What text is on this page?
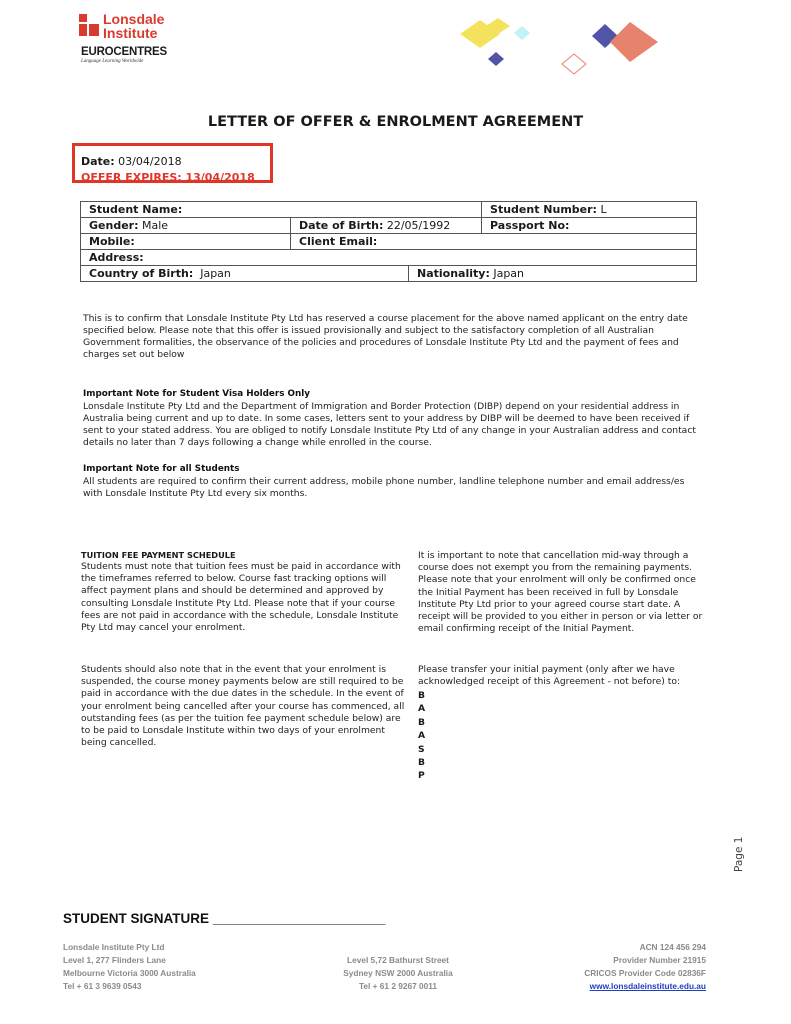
Lonsdale
Institute
EUROCENTRES
Language Learning Worldwide
LETTER OF OFFER & ENROLMENT AGREEMENT
Date: 03/04/2018
OFFER EXPIRES: 13/04/2018
Student Name:			Student Number: L
Gender: Male	Date of Birth: 22/05/1992		Passport No:
Mobile:	Client Email:		
Address:			
Country of Birth: Japan		Nationality: Japan	
This is to confirm that Lonsdale Institute Pty Ltd has reserved a course placement for the above named applicant on the entry date specified below. Please note that this offer is issued provisionally and subject to the satisfactory completion of all Australian Government formalities, the observance of the policies and procedures of Lonsdale Institute Pty Ltd and the payment of fees and charges set out below
Important Note for Student Visa Holders Only
Lonsdale Institute Pty Ltd and the Department of Immigration and Border Protection (DIBP) depend on your residential address in Australia being current and up to date. In some cases, letters sent to your address by DIBP will be deemed to have been received if sent to your stated address. You are obliged to notify Lonsdale Institute Pty Ltd of any change in your Australian address and contact details no later than 7 days following a change while enrolled in the course.
Important Note for all Students
All students are required to confirm their current address, mobile phone number, landline telephone number and email address/es with Lonsdale Institute Pty Ltd every six months.
TUITION FEE PAYMENT SCHEDULE
Students must note that tuition fees must be paid in accordance with the timeframes referred to below. Course fast tracking options will affect payment plans and should be determined and approved by consulting Lonsdale Institute Pty Ltd. Please note that if your course fees are not paid in accordance with the schedule, Lonsdale Institute Pty Ltd may cancel your enrolment.
Students should also note that in the event that your enrolment is suspended, the course money payments below are still required to be paid in accordance with the due dates in the schedule. In the event of your enrolment being cancelled after your course has commenced, all outstanding fees (as per the tuition fee payment schedule below) are to be paid to Lonsdale Institute within two days of your enrolment being cancelled.
It is important to note that cancellation mid-way through a course does not exempt you from the remaining payments. Please note that your enrolment will only be confirmed once the Initial Payment has been received in full by Lonsdale Institute Pty Ltd prior to your agreed course start date. A receipt will be provided to you either in person or via letter or email confirming receipt of the Initial Payment.
Please transfer your initial payment (only after we have acknowledged receipt of this Agreement - not before) to:
B
A
B
A
S
B
P
Page 1
STUDENT SIGNATURE _______________________
Lonsdale Institute Pty Ltd
Level 1, 277 Flinders Lane
Melbourne Victoria 3000 Australia
Tel + 61 3 9639 0543
Level 5,72 Bathurst Street
Sydney NSW 2000 Australia
Tel + 61 2 9267 0011
ACN 124 456 294
Provider Number 21915
CRICOS Provider Code 02836F
www.lonsdaleinstitute.edu.au
